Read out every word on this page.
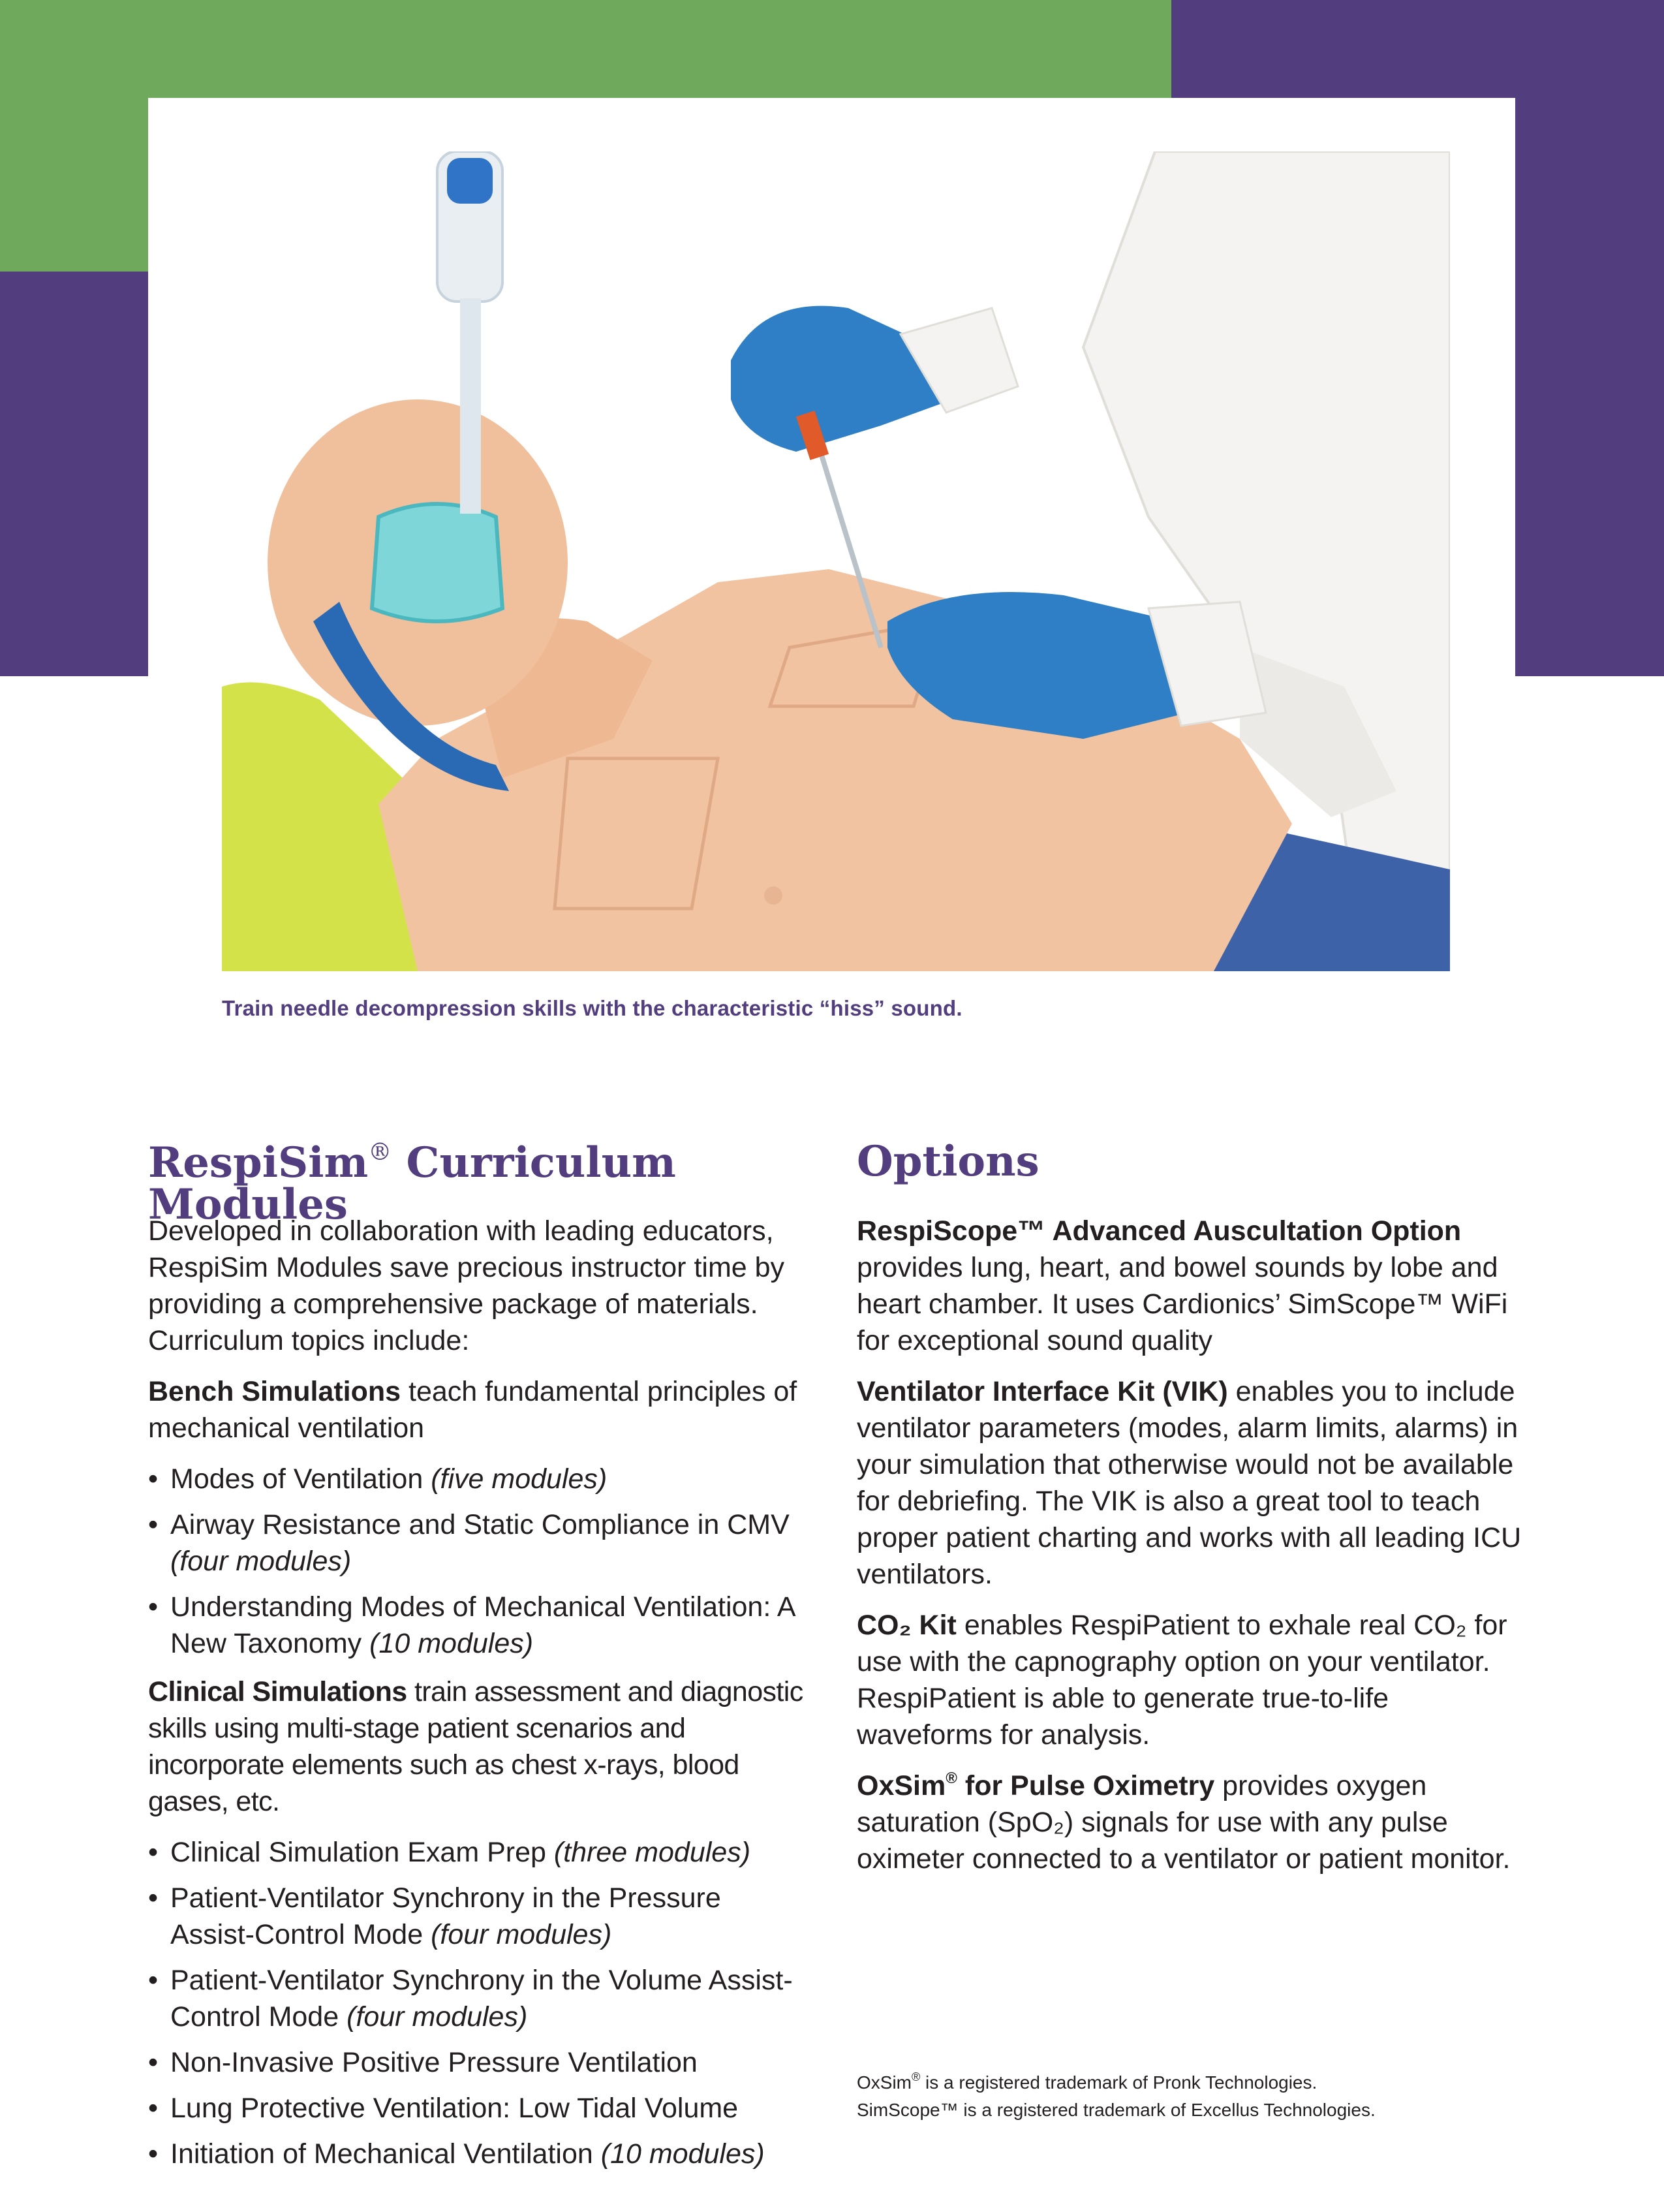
Train needle decompression skills with the characteristic “hiss” sound.
RespiSim® Curriculum Modules

Developed in collaboration with leading educators, RespiSim Modules save precious instructor time by providing a comprehensive package of materials. Curriculum topics include:

Bench Simulations teach fundamental principles of mechanical ventilation

• Modes of Ventilation (five modules)
• Airway Resistance and Static Compliance in CMV (four modules)
• Understanding Modes of Mechanical Ventilation: A New Taxonomy (10 modules)

Clinical Simulations train assessment and diagnostic skills using multi-stage patient scenarios and incorporate elements such as chest x-rays, blood gases, etc.

• Clinical Simulation Exam Prep (three modules)
• Patient-Ventilator Synchrony in the Pressure Assist-Control Mode (four modules)
• Patient-Ventilator Synchrony in the Volume Assist-Control Mode (four modules)
• Non-Invasive Positive Pressure Ventilation
• Lung Protective Ventilation: Low Tidal Volume
• Initiation of Mechanical Ventilation (10 modules)
Options

RespiScope™ Advanced Auscultation Option
provides lung, heart, and bowel sounds by lobe and heart chamber. It uses Cardionics’ SimScope™ WiFi for exceptional sound quality

Ventilator Interface Kit (VIK) enables you to include ventilator parameters (modes, alarm limits, alarms) in your simulation that otherwise would not be available for debriefing. The VIK is also a great tool to teach proper patient charting and works with all leading ICU ventilators.

CO₂ Kit enables RespiPatient to exhale real CO₂ for use with the capnography option on your ventilator. RespiPatient is able to generate true-to-life waveforms for analysis.

OxSim® for Pulse Oximetry provides oxygen saturation (SpO₂) signals for use with any pulse oximeter connected to a ventilator or patient monitor.

OxSim® is a registered trademark of Pronk Technologies.
SimScope™ is a registered trademark of Excellus Technologies.
